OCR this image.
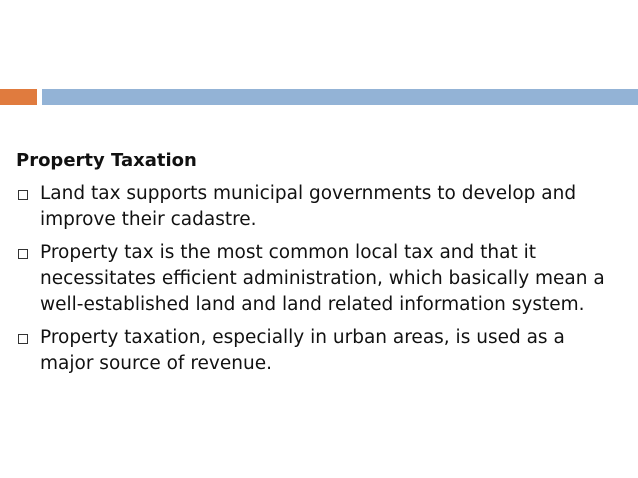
Property Taxation
Land tax supports municipal governments to develop and improve their cadastre.
Property tax is the most common local tax and that it necessitates efficient administration, which basically mean a well-established land and land related information system.
Property taxation, especially in urban areas, is used as a major source of revenue.
